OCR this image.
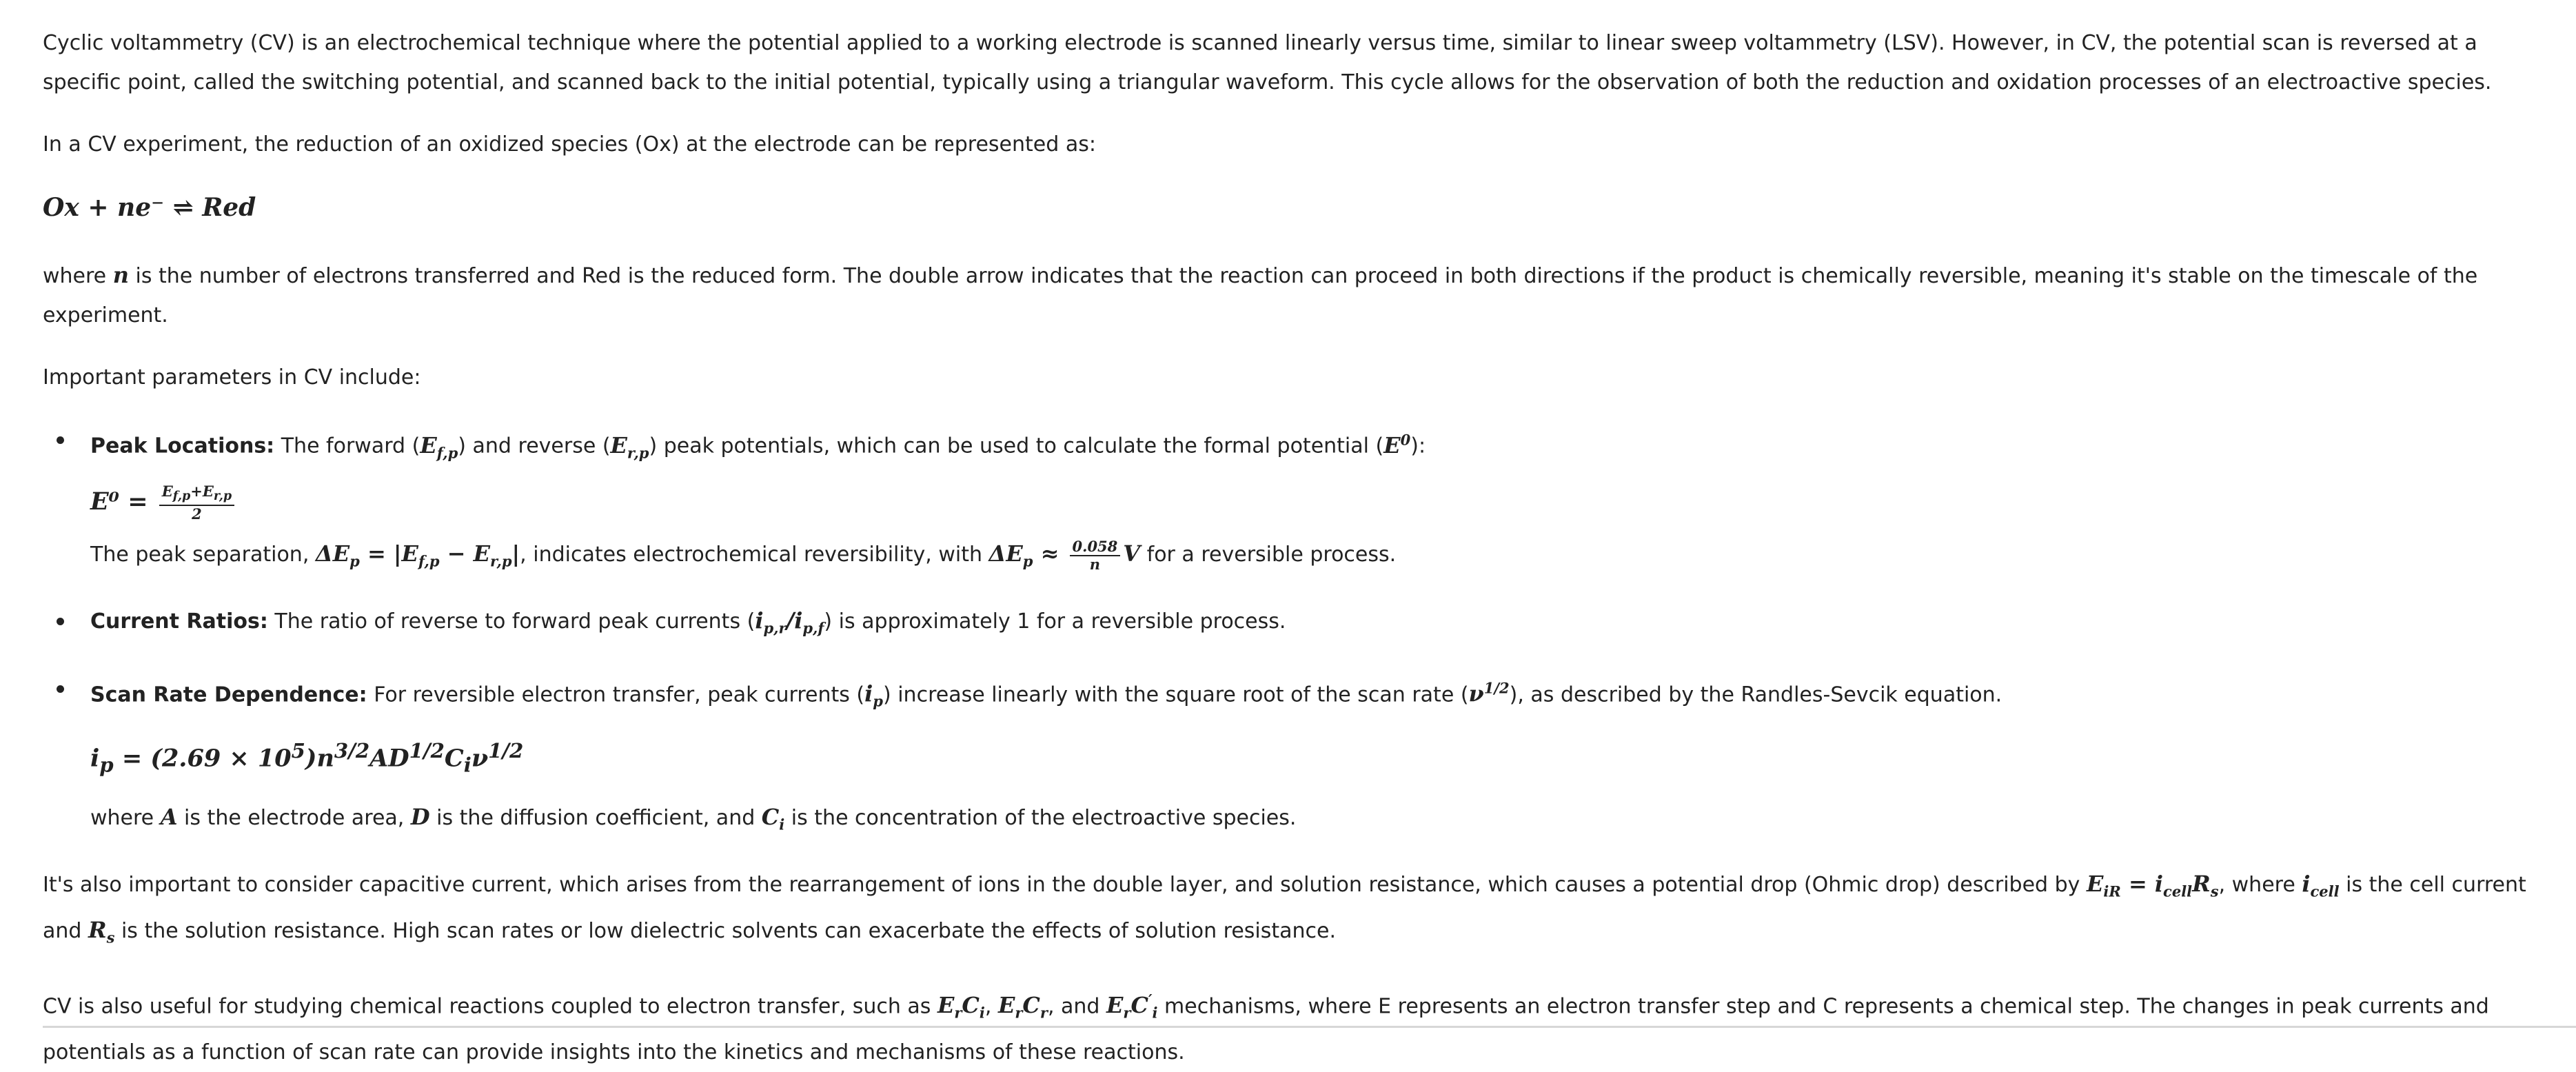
Cyclic voltammetry (CV) is an electrochemical technique where the potential applied to a working electrode is scanned linearly versus time, similar to linear sweep voltammetry (LSV). However, in CV, the potential scan is reversed at a specific point, called the switching potential, and scanned back to the initial potential, typically using a triangular waveform. This cycle allows for the observation of both the reduction and oxidation processes of an electroactive species.

In a CV experiment, the reduction of an oxidized species (Ox) at the electrode can be represented as:

Ox + ne⁻ ⇌ Red

where n is the number of electrons transferred and Red is the reduced form. The double arrow indicates that the reaction can proceed in both directions if the product is chemically reversible, meaning it's stable on the timescale of the experiment.

Important parameters in CV include:

Peak Locations: The forward $(E_{f,p})$ and reverse $(E_{r,p})$ peak potentials, which can be used to calculate the formal potential $(E^0)$:
$E^0 = \frac{E_{f,p}+E_{r,p}}{2}$
The peak separation, $\Delta E_p = |E_{f,p} - E_{r,p}|$, indicates electrochemical reversibility, with $\Delta E_p \approx \frac{0.058}{n}$ V for a reversible process.
Current Ratios: The ratio of reverse to forward peak currents $(i_{p,r}/i_{p,f})$ is approximately 1 for a reversible process.
Scan Rate Dependence: For reversible electron transfer, peak currents $(i_p)$ increase linearly with the square root of the scan rate $(\nu^{1/2})$, as described by the Randles-Sevcik equation.
$i_p = (2.69 \times 10^5)n^{3/2}AD^{1/2}C_i\nu^{1/2}$
where A is the electrode area, D is the diffusion coefficient, and $C_i$ is the concentration of the electroactive species.

It's also important to consider capacitive current, which arises from the rearrangement of ions in the double layer, and solution resistance, which causes a potential drop (Ohmic drop) described by $E_{iR} = i_{cell}R_s$, where $i_{cell}$ is the cell current and $R_s$ is the solution resistance. High scan rates or low dielectric solvents can exacerbate the effects of solution resistance.

CV is also useful for studying chemical reactions coupled to electron transfer, such as $E_rC_i$, $E_rC_r$, and $E_rC'_i$ mechanisms, where E represents an electron transfer step and C represents a chemical step. The changes in peak currents and potentials as a function of scan rate can provide insights into the kinetics and mechanisms of these reactions.
